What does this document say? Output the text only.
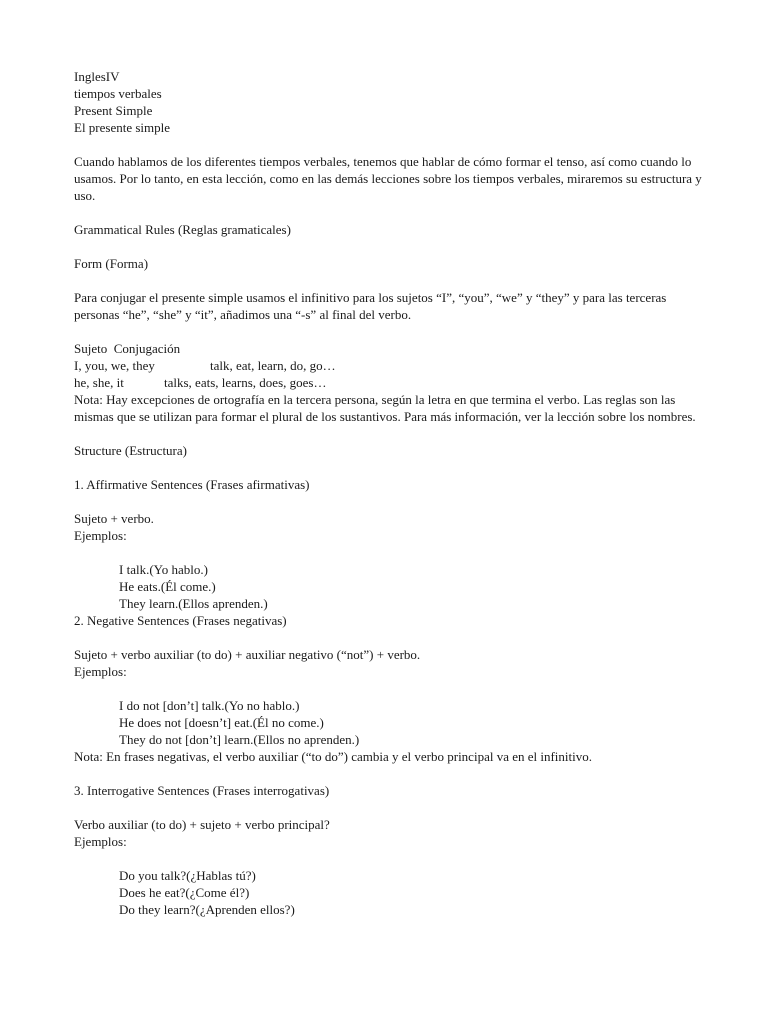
InglesIV
tiempos verbales
Present Simple
El presente simple
Cuando hablamos de los diferentes tiempos verbales, tenemos que hablar de cómo formar el tenso, así como cuando lo usamos. Por lo tanto, en esta lección, como en las demás lecciones sobre los tiempos verbales, miraremos su estructura y uso.
Grammatical Rules (Reglas gramaticales)
Form (Forma)
Para conjugar el presente simple usamos el infinitivo para los sujetos “I”, “you”, “we” y “they” y para las terceras personas “he”, “she” y “it”, añadimos una “-s” al final del verbo.
Sujeto  Conjugación
I, you, we, they	talk, eat, learn, do, go…
he, she, it	talks, eats, learns, does, goes…
Nota: Hay excepciones de ortografía en la tercera persona, según la letra en que termina el verbo. Las reglas son las mismas que se utilizan para formar el plural de los sustantivos. Para más información, ver la lección sobre los nombres.
Structure (Estructura)
1. Affirmative Sentences (Frases afirmativas)
Sujeto + verbo.
Ejemplos:
I talk.(Yo hablo.)
He eats.(Él come.)
They learn.(Ellos aprenden.)
2. Negative Sentences (Frases negativas)
Sujeto + verbo auxiliar (to do) + auxiliar negativo (“not”) + verbo.
Ejemplos:
I do not [don’t] talk.(Yo no hablo.)
He does not [doesn’t] eat.(Él no come.)
They do not [don’t] learn.(Ellos no aprenden.)
Nota: En frases negativas, el verbo auxiliar (“to do”) cambia y el verbo principal va en el infinitivo.
3. Interrogative Sentences (Frases interrogativas)
Verbo auxiliar (to do) + sujeto + verbo principal?
Ejemplos:
Do you talk?(¿Hablas tú?)
Does he eat?(¿Come él?)
Do they learn?(¿Aprenden ellos?)
